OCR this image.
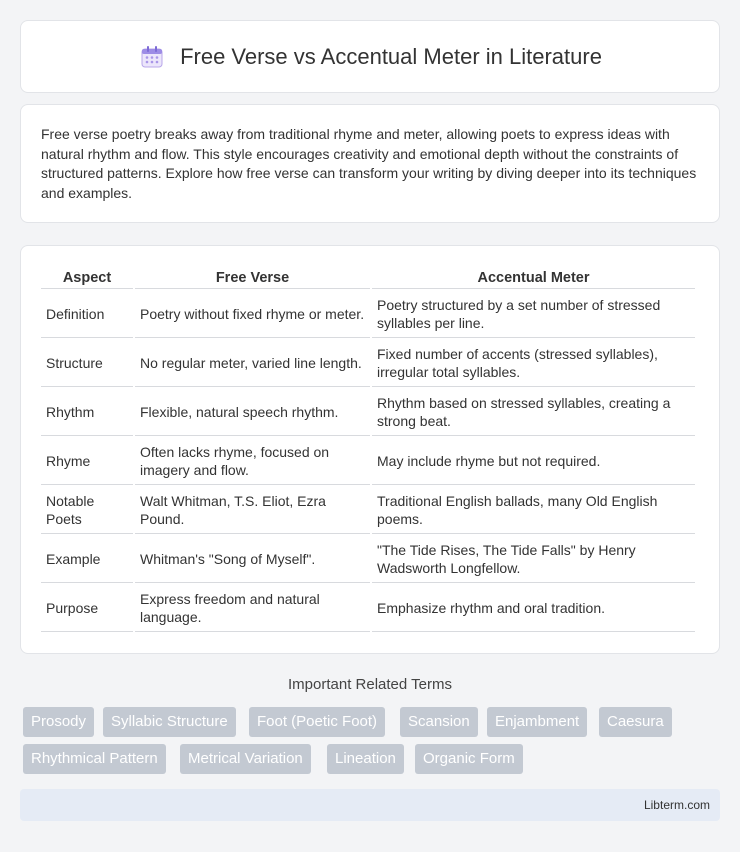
Free Verse vs Accentual Meter in Literature

Free verse poetry breaks away from traditional rhyme and meter, allowing poets to express ideas with natural rhythm and flow. This style encourages creativity and emotional depth without the constraints of structured patterns. Explore how free verse can transform your writing by diving deeper into its techniques and examples.

Aspect	Free Verse	Accentual Meter
Definition	Poetry without fixed rhyme or meter.	Poetry structured by a set number of stressed syllables per line.
Structure	No regular meter, varied line length.	Fixed number of accents (stressed syllables), irregular total syllables.
Rhythm	Flexible, natural speech rhythm.	Rhythm based on stressed syllables, creating a strong beat.
Rhyme	Often lacks rhyme, focused on imagery and flow.	May include rhyme but not required.
Notable Poets	Walt Whitman, T.S. Eliot, Ezra Pound.	Traditional English ballads, many Old English poems.
Example	Whitman's "Song of Myself".	"The Tide Rises, The Tide Falls" by Henry Wadsworth Longfellow.
Purpose	Express freedom and natural language.	Emphasize rhythm and oral tradition.
Important Related Terms
Prosody	Syllabic Structure	Foot (Poetic Foot)	Scansion	Enjambment	Caesura
Rhythmical Pattern	Metrical Variation	Lineation	Organic Form
Libterm.com
